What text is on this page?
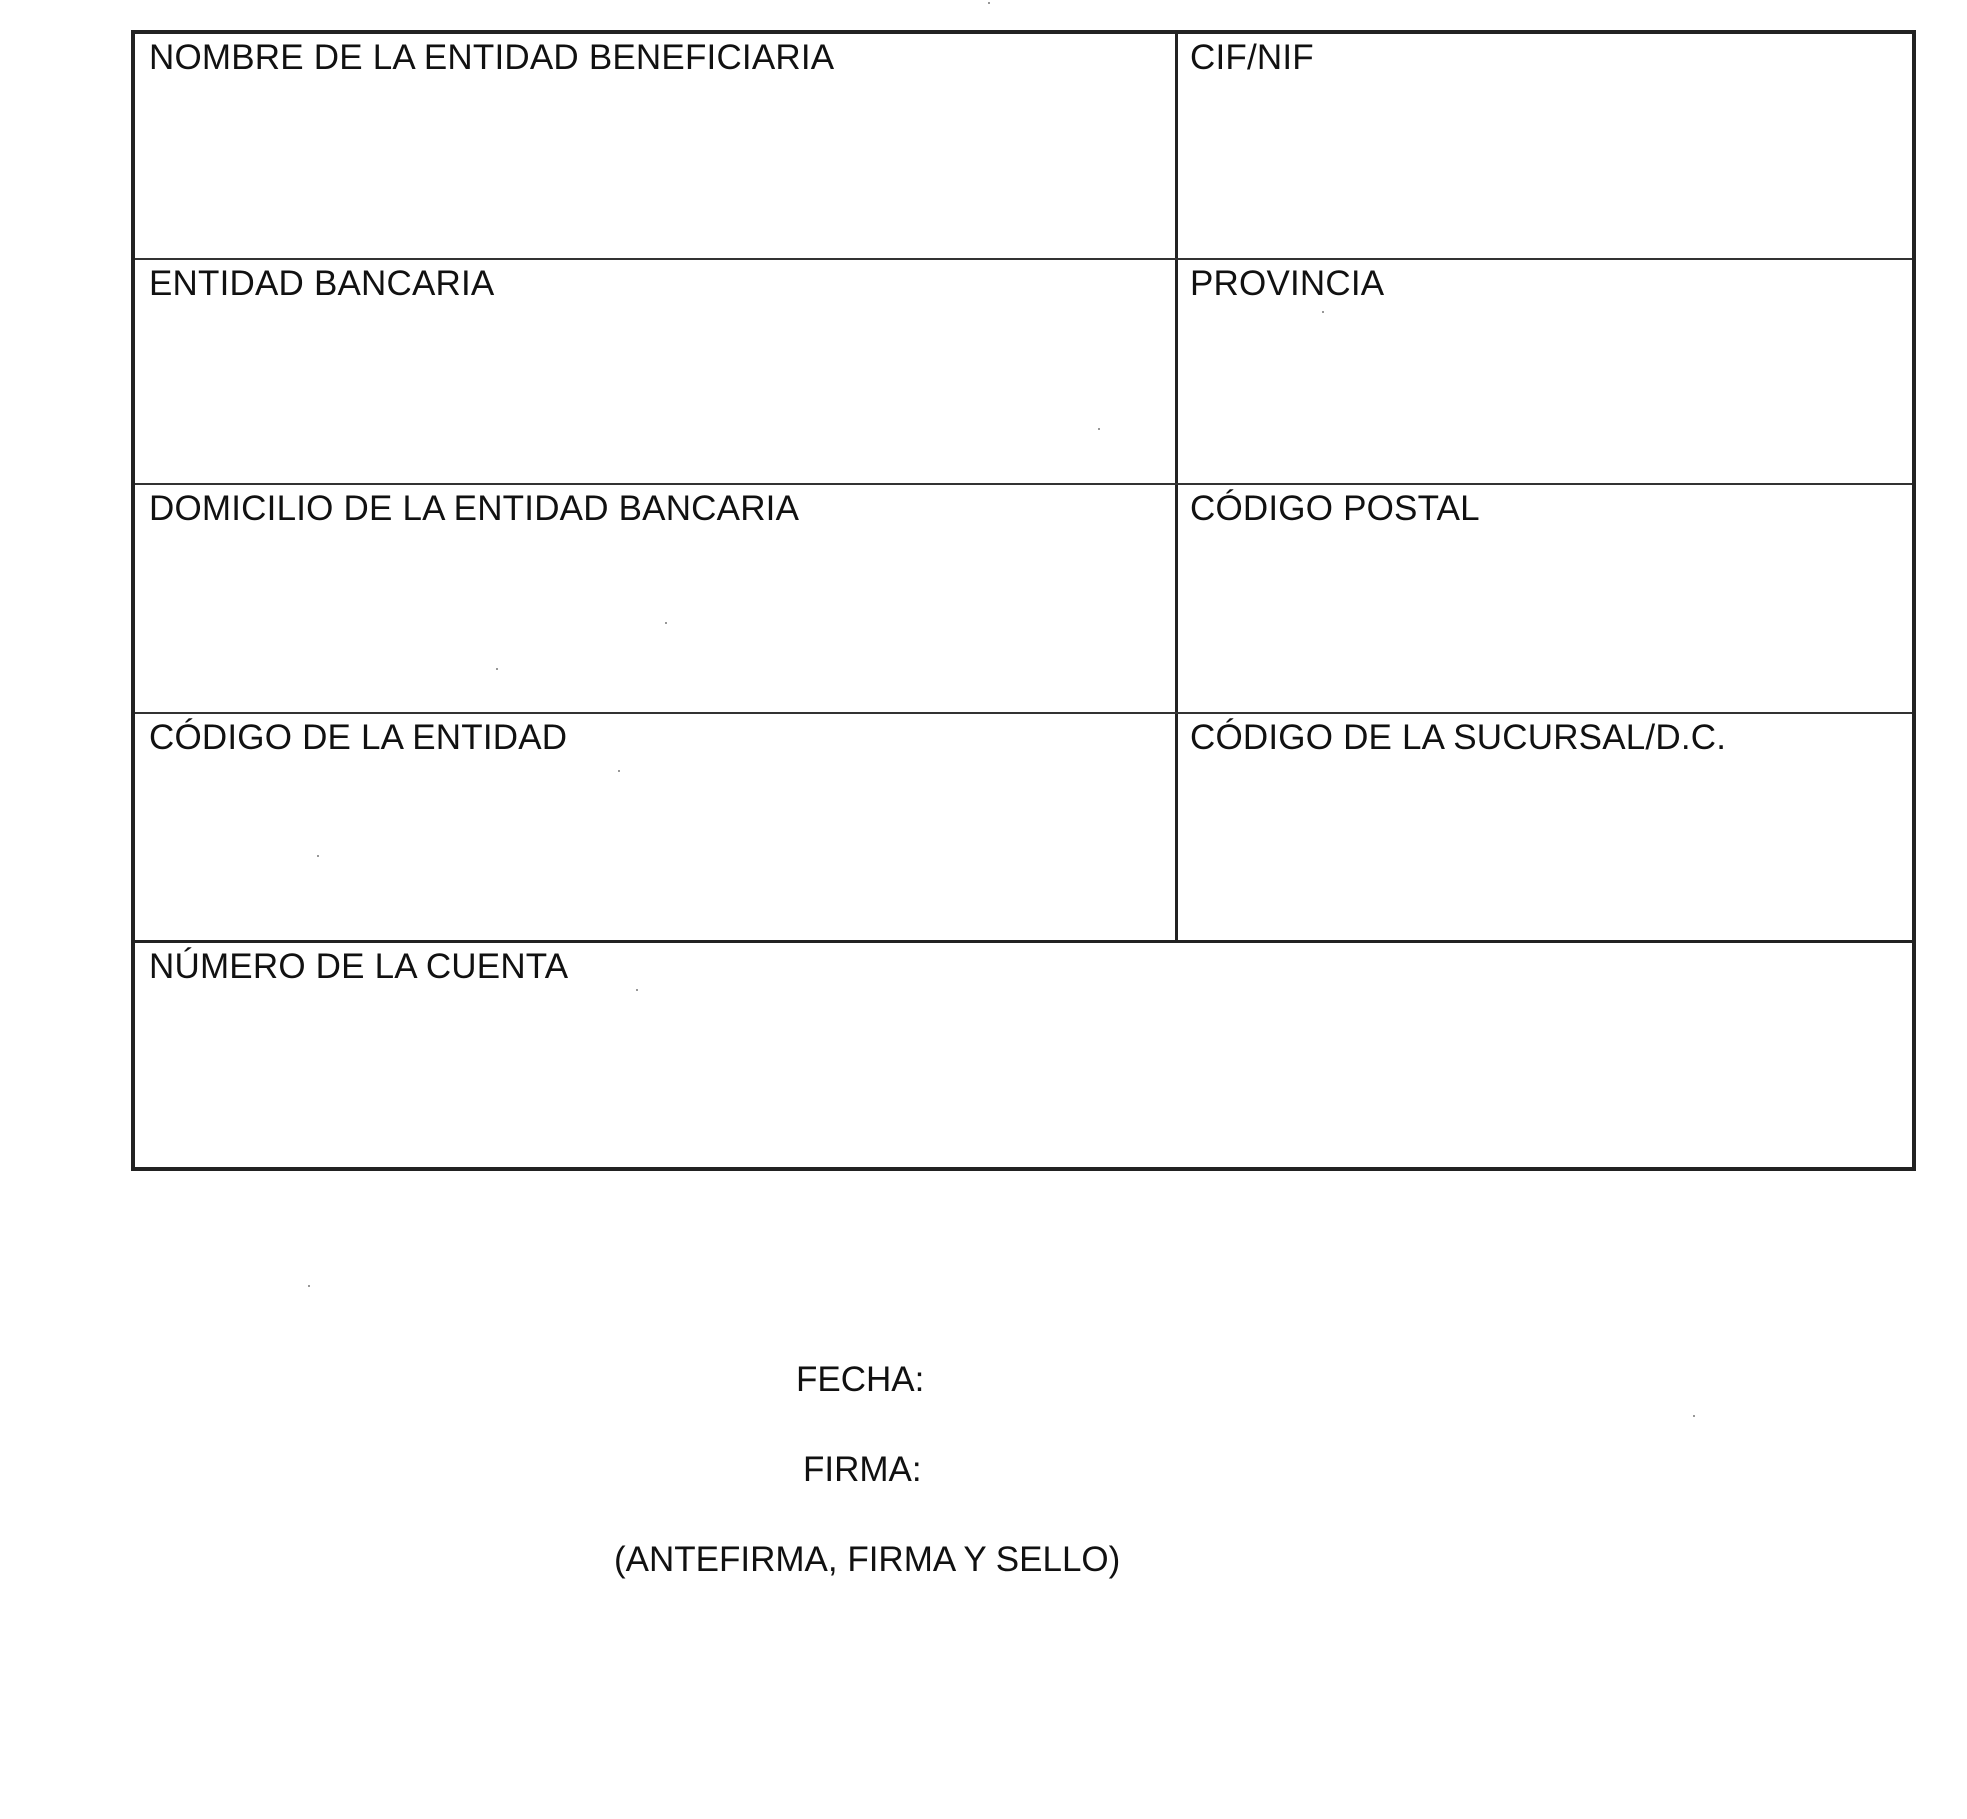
NOMBRE DE LA ENTIDAD BENEFICIARIA	CIF/NIF
ENTIDAD BANCARIA	PROVINCIA
DOMICILIO DE LA ENTIDAD BANCARIA	CÓDIGO POSTAL
CÓDIGO DE LA ENTIDAD	CÓDIGO DE LA SUCURSAL/D.C.
NÚMERO DE LA CUENTA
FECHA:
FIRMA:
(ANTEFIRMA, FIRMA Y SELLO)
